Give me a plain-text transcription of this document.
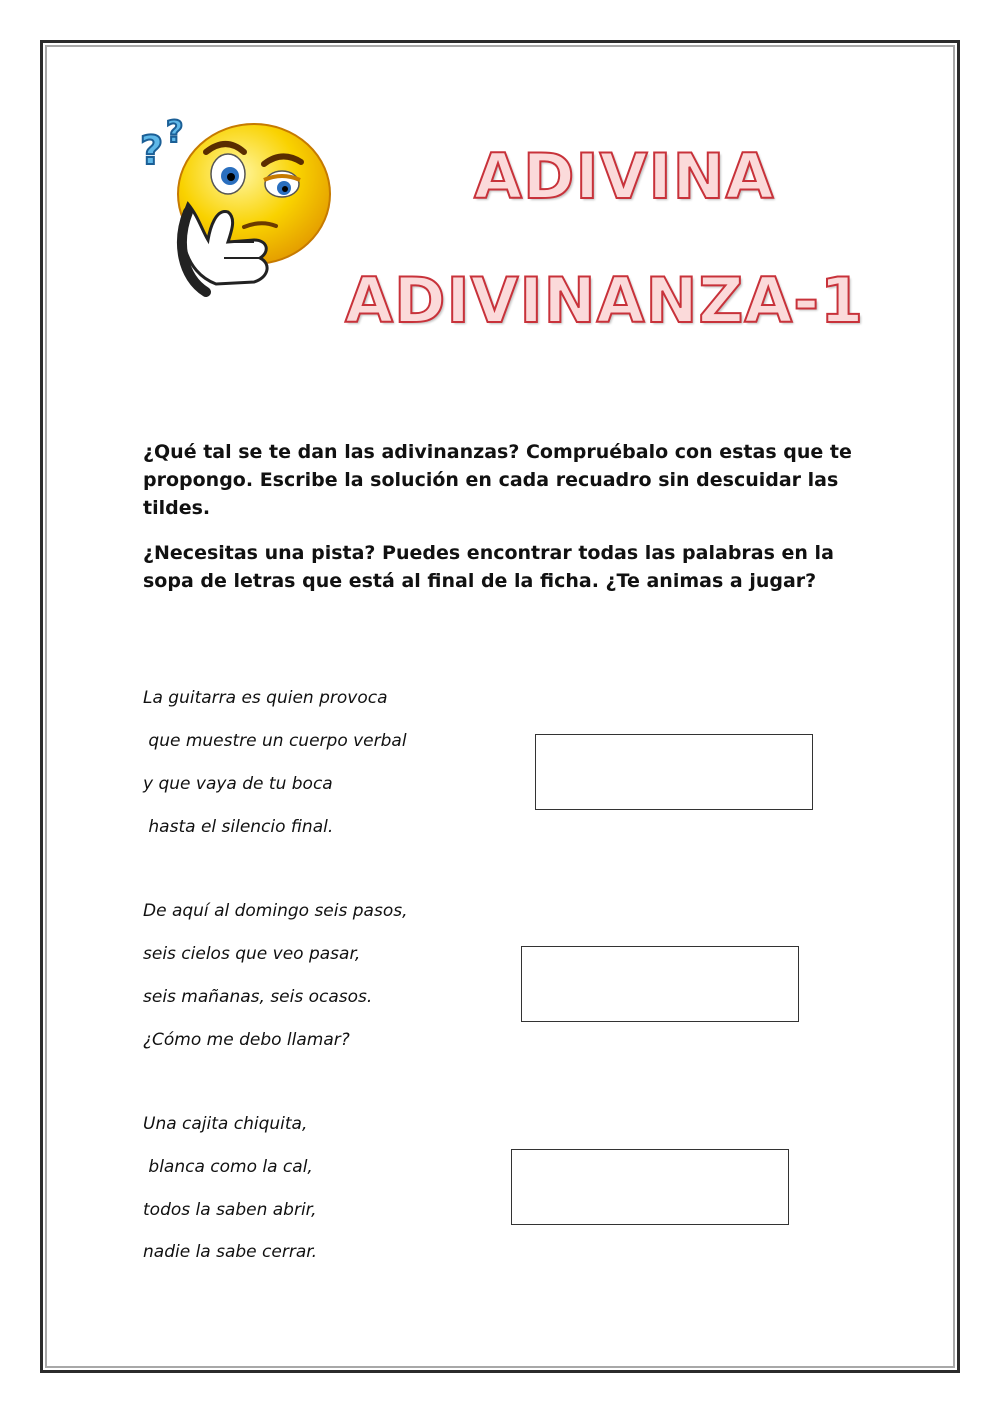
? ?
ADIVINA
ADIVINANZA-1

¿Qué tal se te dan las adivinanzas? Compruébalo con estas que te propongo. Escribe la solución en cada recuadro sin descuidar las tildes.

¿Necesitas una pista? Puedes encontrar todas las palabras en la sopa de letras que está al final de la ficha. ¿Te animas a jugar?

La guitarra es quien provoca

que muestre un cuerpo verbal

y que vaya de tu boca

hasta el silencio final.

De aquí al domingo seis pasos,

seis cielos que veo pasar,

seis mañanas, seis ocasos.

¿Cómo me debo llamar?

Una cajita chiquita,

blanca como la cal,

todos la saben abrir,

nadie la sabe cerrar.
